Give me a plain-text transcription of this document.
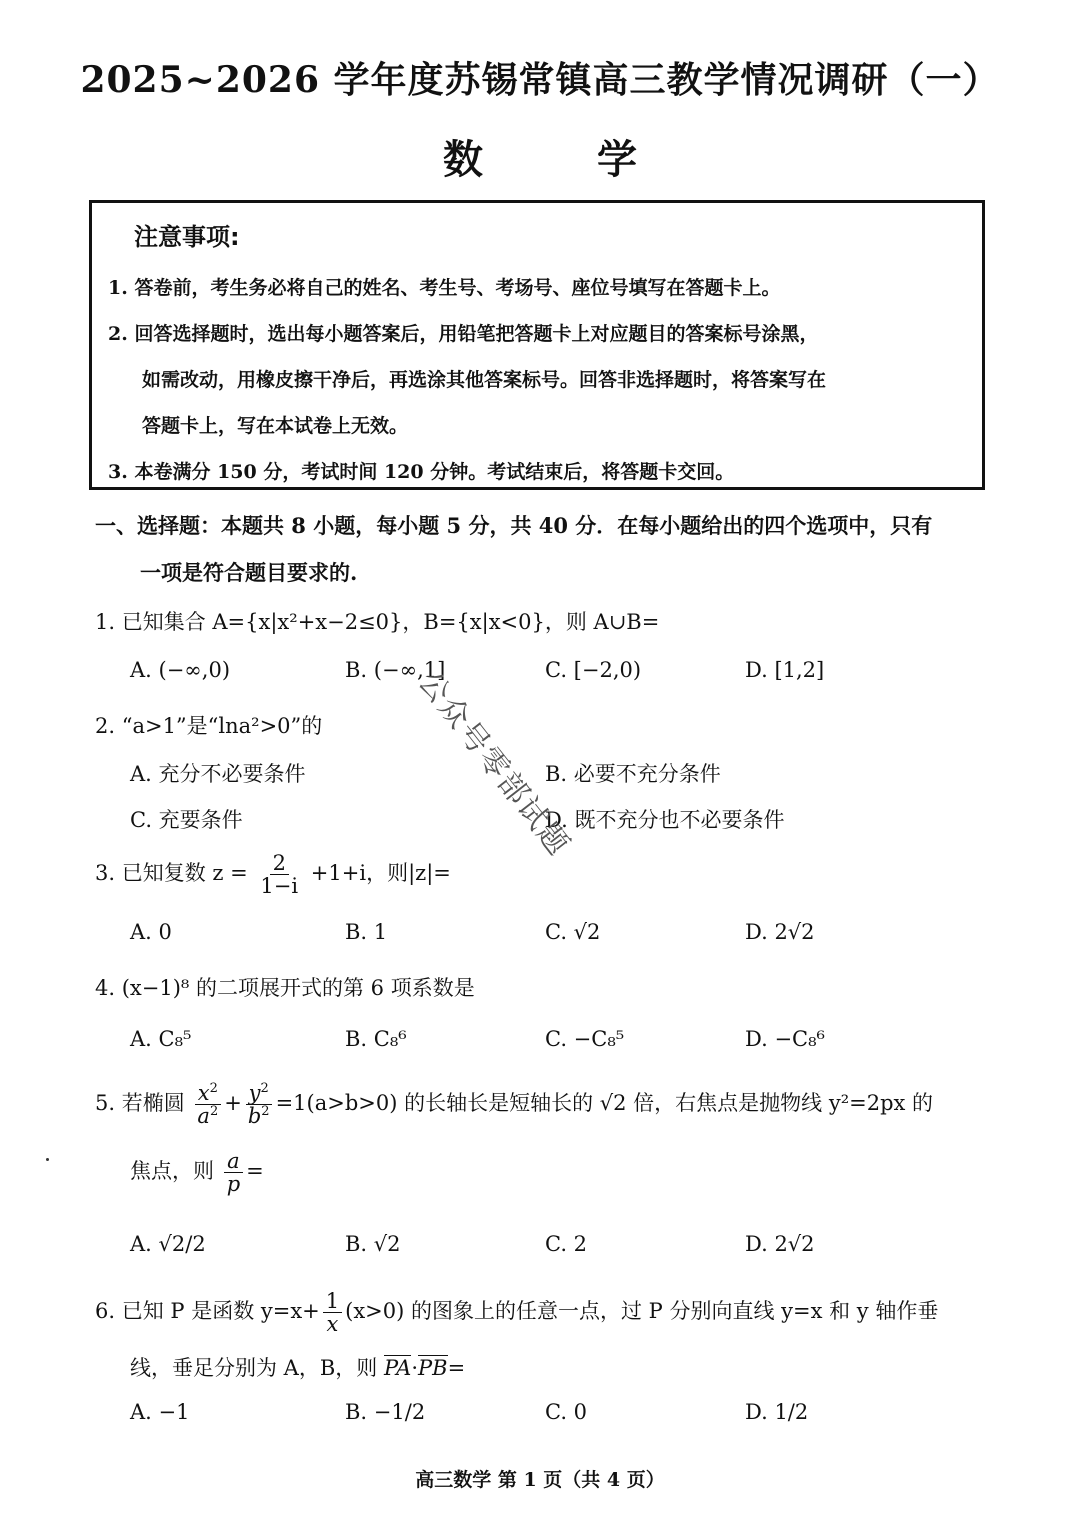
2025~2026 学年度苏锡常镇高三教学情况调研（一）
数 学
注意事项:
1. 答卷前，考生务必将自己的姓名、考生号、考场号、座位号填写在答题卡上。
2. 回答选择题时，选出每小题答案后，用铅笔把答题卡上对应题目的答案标号涂黑，
如需改动，用橡皮擦干净后，再选涂其他答案标号。回答非选择题时，将答案写在
答题卡上，写在本试卷上无效。
3. 本卷满分 150 分，考试时间 120 分钟。考试结束后，将答题卡交回。
一、选择题：本题共 8 小题，每小题 5 分，共 40 分．在每小题给出的四个选项中，只有
一项是符合题目要求的.
1. 已知集合 A={x|x²+x−2≤0}，B={x|x<0}，则 A∪B=
A. (−∞,0)	B. (−∞,1]	C. [−2,0)	D. [1,2]
2. “a>1”是“lna²>0”的
A. 充分不必要条件	B. 必要不充分条件
C. 充要条件	D. 既不充分也不必要条件
3. 已知复数 $z = \frac{2}{1-i} +1+i$，则|z|=
A. 0	B. 1	C. √2	D. 2√2
4. (x−1)⁸ 的二项展开式的第 6 项系数是
A. C₈⁵	B. C₈⁶	C. −C₈⁵	D. −C₈⁶
5. 若椭圆 $\frac{x^2}{a^2} + \frac{y^2}{b^2} =1(a>b>0)$ 的长轴长是短轴长的 √2 倍，右焦点是抛物线 y²=2px 的
焦点，则 $\frac{a}{p}$ =
A. √2/2	B. √2	C. 2	D. 2√2
6. 已知 P 是函数 $y=x+ \frac{1}{x} (x>0)$ 的图象上的任意一点，过 P 分别向直线 y=x 和 y 轴作垂
线，垂足分别为 A，B，则 PA·PB=
A. −1	B. −1/2	C. 0	D. 1/2
公众号零部试题
高三数学 第 1 页（共 4 页）
